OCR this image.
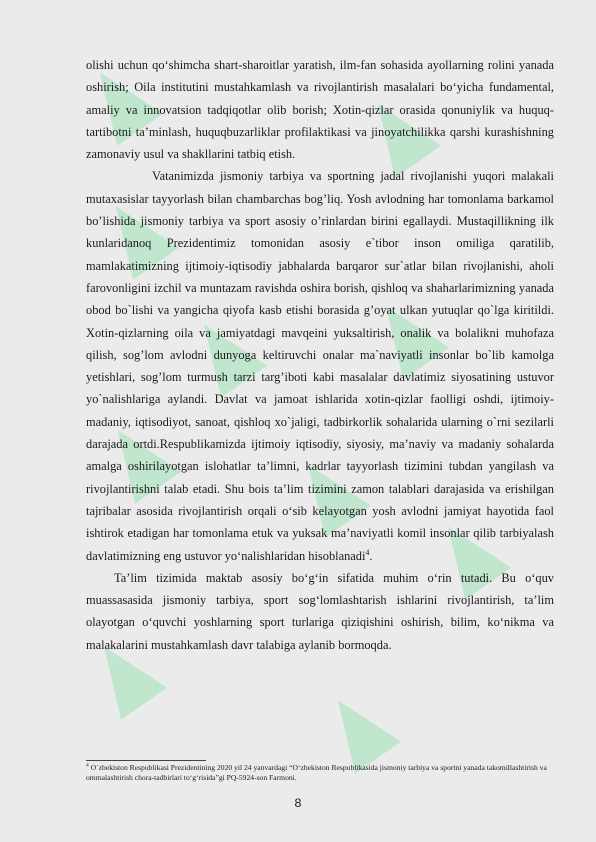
olishi uchun qo‘shimcha shart-sharoitlar yaratish, ilm-fan sohasida ayollarning rolini yanada oshirish; Oila institutini mustahkamlash va rivojlantirish masalalari bo‘yicha fundamental, amaliy va innovatsion tadqiqotlar olib borish; Xotin-qizlar orasida qonuniylik va huquq-tartibotni ta’minlash, huquqbuzarliklar profilaktikasi va jinoyatchilikka qarshi kurashishning zamonaviy usul va shakllarini tatbiq etish.

Vatanimizda jismoniy tarbiya va sportning jadal rivojlanishi yuqori malakali mutaxasislar tayyorlash bilan chambarchas bog’liq. Yosh avlodning har tomonlama barkamol bo’lishida jismoniy tarbiya va sport asosiy o’rinlardan birini egallaydi. Mustaqillikning ilk kunlaridanoq Prezidentimiz tomonidan asosiy e`tibor inson omiliga qaratilib, mamlakatimizning ijtimoiy-iqtisodiy jabhalarda barqaror sur`atlar bilan rivojlanishi, aholi farovonligini izchil va muntazam ravishda oshira borish, qishloq va shaharlarimizning yanada obod bo`lishi va yangicha qiyofa kasb etishi borasida g’oyat ulkan yutuqlar qo`lga kiritildi. Xotin-qizlarning oila va jamiyatdagi mavqeini yuksaltirish, onalik va bolalikni muhofaza qilish, sog’lom avlodni dunyoga keltiruvchi onalar ma`naviyatli insonlar bo`lib kamolga yetishlari, sog’lom turmush tarzi targ’iboti kabi masalalar davlatimiz siyosatining ustuvor yo`nalishlariga aylandi. Davlat va jamoat ishlarida xotin-qizlar faolligi oshdi, ijtimoiy-madaniy, iqtisodiyot, sanoat, qishloq xo`jaligi, tadbirkorlik sohalarida ularning o`rni sezilarli darajada ortdi.Respublikamizda ijtimoiy iqtisodiy, siyosiy, ma’naviy va madaniy sohalarda amalga oshirilayotgan islohatlar ta’limni, kadrlar tayyorlash tizimini tubdan yangilash va rivojlantirishni talab etadi. Shu bois ta’lim tizimini zamon talablari darajasida va erishilgan tajribalar asosida rivojlantirish orqali o‘sib kelayotgan yosh avlodni jamiyat hayotida faol ishtirok etadigan har tomonlama etuk va yuksak ma’naviyatli komil insonlar qilib tarbiyalash davlatimizning eng ustuvor yo‘nalishlaridan hisoblanadi$^4$.

Ta’lim tizimida maktab asosiy bo‘g‘in sifatida muhim o‘rin tutadi. Bu o‘quv muassasasida jismoniy tarbiya, sport sog‘lomlashtarish ishlarini rivojlantirish, ta’lim olayotgan o‘quvchi yoshlarning sport turlariga qiziqishini oshirish, bilim, ko‘nikma va malakalarini mustahkamlash davr talabiga aylanib bormoqda.

$^4$ O`zbekiston Respublikasi Prezidentining 2020 yil 24 yanvardagi “O‘zbekiston Respublikasida jismoniy tarbiya va sportni yanada takomillashtirish va ommalashtirish chora-tadbirlari to‘g‘risida”gi PQ-5924-son Farmoni.
8
